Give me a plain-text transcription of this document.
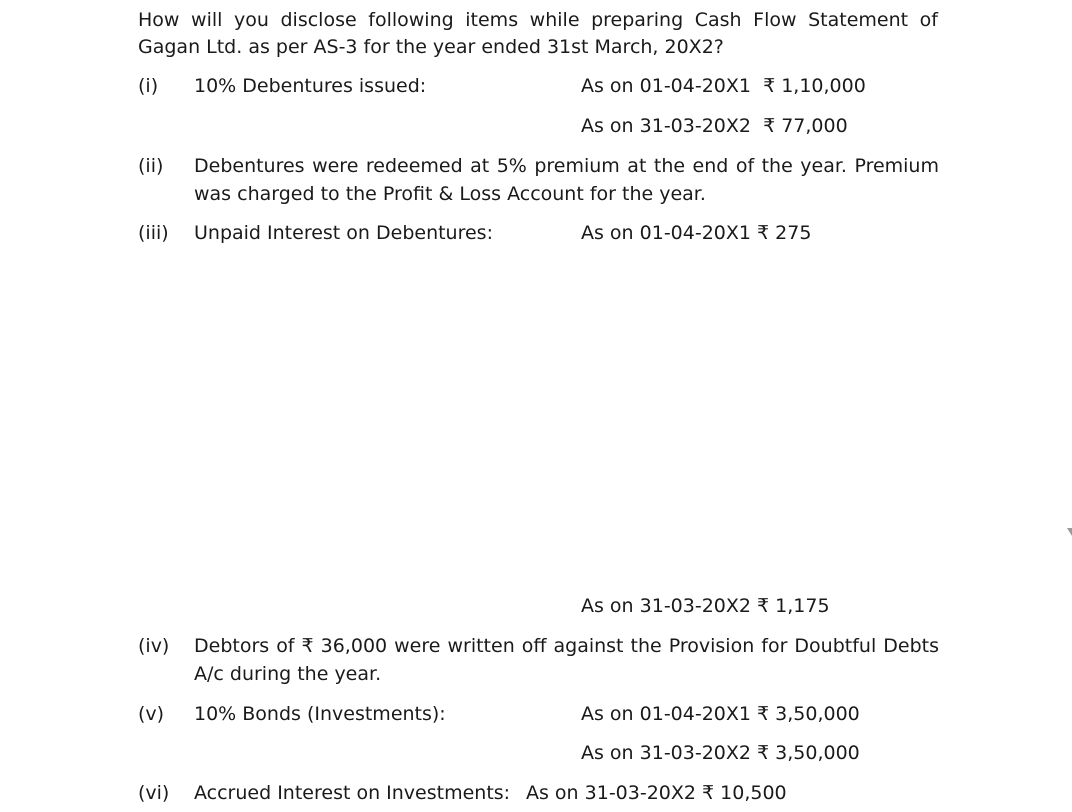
How will you disclose following items while preparing Cash Flow Statement of
Gagan Ltd. as per AS-3 for the year ended 31st March, 20X2?
(i) 10% Debentures issued:	As on 01-04-20X1  ₹ 1,10,000
As on 31-03-20X2  ₹ 77,000
(ii) Debentures were redeemed at 5% premium at the end of the year. Premium
was charged to the Profit & Loss Account for the year.
(iii) Unpaid Interest on Debentures:	As on 01-04-20X1 ₹ 275
As on 31-03-20X2 ₹ 1,175
(iv) Debtors of ₹ 36,000 were written off against the Provision for Doubtful Debts
A/c during the year.
(v) 10% Bonds (Investments):	As on 01-04-20X1 ₹ 3,50,000
As on 31-03-20X2 ₹ 3,50,000
(vi) Accrued Interest on Investments: As on 31-03-20X2 ₹ 10,500
